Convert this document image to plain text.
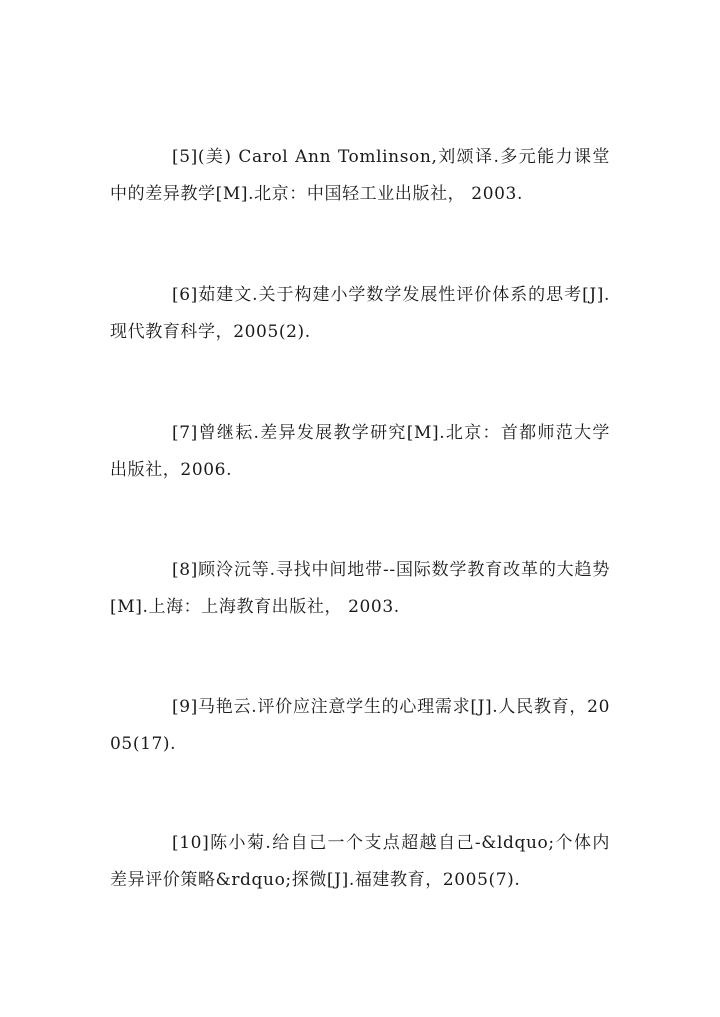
[5](美) Carol Ann Tomlinson,刘颂译.多元能力课堂中的差异教学[M].北京：中国轻工业出版社， 2003.

[6]茹建文.关于构建小学数学发展性评价体系的思考[J].现代教育科学，2005(2).

[7]曾继耘.差异发展教学研究[M].北京：首都师范大学出版社，2006.

[8]顾泠沅等.寻找中间地带--国际数学教育改革的大趋势[M].上海：上海教育出版社， 2003.

[9]马艳云.评价应注意学生的心理需求[J].人民教育，2005(17).

[10]陈小菊.给自己一个支点超越自己-&ldquo;个体内差异评价策略&rdquo;探微[J].福建教育，2005(7).
